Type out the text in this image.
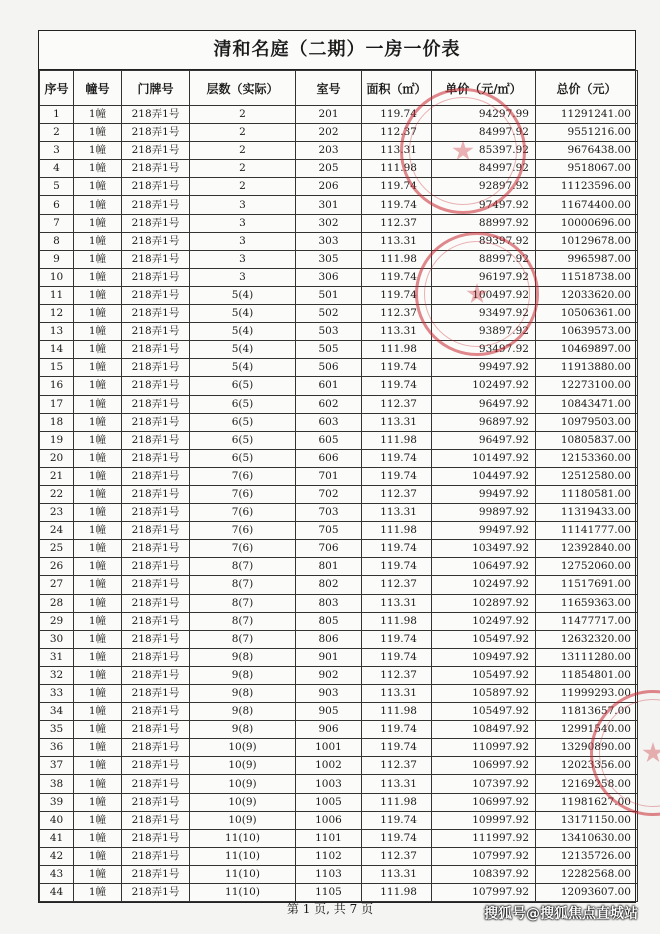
清和名庭（二期）一房一价表
序号	幢号	门牌号	层数（实际）	室号	面积（㎡）	单价（元/㎡）	总价（元）
1	1幢	218弄1号	2	201	119.74	94297.99	11291241.00
2	1幢	218弄1号	2	202	112.37	84997.92	9551216.00
3	1幢	218弄1号	2	203	113.31	85397.92	9676438.00
4	1幢	218弄1号	2	205	111.98	84997.92	9518067.00
5	1幢	218弄1号	2	206	119.74	92897.92	11123596.00
6	1幢	218弄1号	3	301	119.74	97497.92	11674400.00
7	1幢	218弄1号	3	302	112.37	88997.92	10000696.00
8	1幢	218弄1号	3	303	113.31	89397.92	10129678.00
9	1幢	218弄1号	3	305	111.98	88997.92	9965987.00
10	1幢	218弄1号	3	306	119.74	96197.92	11518738.00
11	1幢	218弄1号	5(4)	501	119.74	100497.92	12033620.00
12	1幢	218弄1号	5(4)	502	112.37	93497.92	10506361.00
13	1幢	218弄1号	5(4)	503	113.31	93897.92	10639573.00
14	1幢	218弄1号	5(4)	505	111.98	93497.92	10469897.00
15	1幢	218弄1号	5(4)	506	119.74	99497.92	11913880.00
16	1幢	218弄1号	6(5)	601	119.74	102497.92	12273100.00
17	1幢	218弄1号	6(5)	602	112.37	96497.92	10843471.00
18	1幢	218弄1号	6(5)	603	113.31	96897.92	10979503.00
19	1幢	218弄1号	6(5)	605	111.98	96497.92	10805837.00
20	1幢	218弄1号	6(5)	606	119.74	101497.92	12153360.00
21	1幢	218弄1号	7(6)	701	119.74	104497.92	12512580.00
22	1幢	218弄1号	7(6)	702	112.37	99497.92	11180581.00
23	1幢	218弄1号	7(6)	703	113.31	99897.92	11319433.00
24	1幢	218弄1号	7(6)	705	111.98	99497.92	11141777.00
25	1幢	218弄1号	7(6)	706	119.74	103497.92	12392840.00
26	1幢	218弄1号	8(7)	801	119.74	106497.92	12752060.00
27	1幢	218弄1号	8(7)	802	112.37	102497.92	11517691.00
28	1幢	218弄1号	8(7)	803	113.31	102897.92	11659363.00
29	1幢	218弄1号	8(7)	805	111.98	102497.92	11477717.00
30	1幢	218弄1号	8(7)	806	119.74	105497.92	12632320.00
31	1幢	218弄1号	9(8)	901	119.74	109497.92	13111280.00
32	1幢	218弄1号	9(8)	902	112.37	105497.92	11854801.00
33	1幢	218弄1号	9(8)	903	113.31	105897.92	11999293.00
34	1幢	218弄1号	9(8)	905	111.98	105497.92	11813657.00
35	1幢	218弄1号	9(8)	906	119.74	108497.92	12991540.00
36	1幢	218弄1号	10(9)	1001	119.74	110997.92	13290890.00
37	1幢	218弄1号	10(9)	1002	112.37	106997.92	12023356.00
38	1幢	218弄1号	10(9)	1003	113.31	107397.92	12169258.00
39	1幢	218弄1号	10(9)	1005	111.98	106997.92	11981627.00
40	1幢	218弄1号	10(9)	1006	119.74	109997.92	13171150.00
41	1幢	218弄1号	11(10)	1101	119.74	111997.92	13410630.00
42	1幢	218弄1号	11(10)	1102	112.37	107997.92	12135726.00
43	1幢	218弄1号	11(10)	1103	113.31	108397.92	12282568.00
44	1幢	218弄1号	11(10)	1105	111.98	107997.92	12093607.00
第 1 页, 共 7 页	搜狐号@搜狐焦点直城站
